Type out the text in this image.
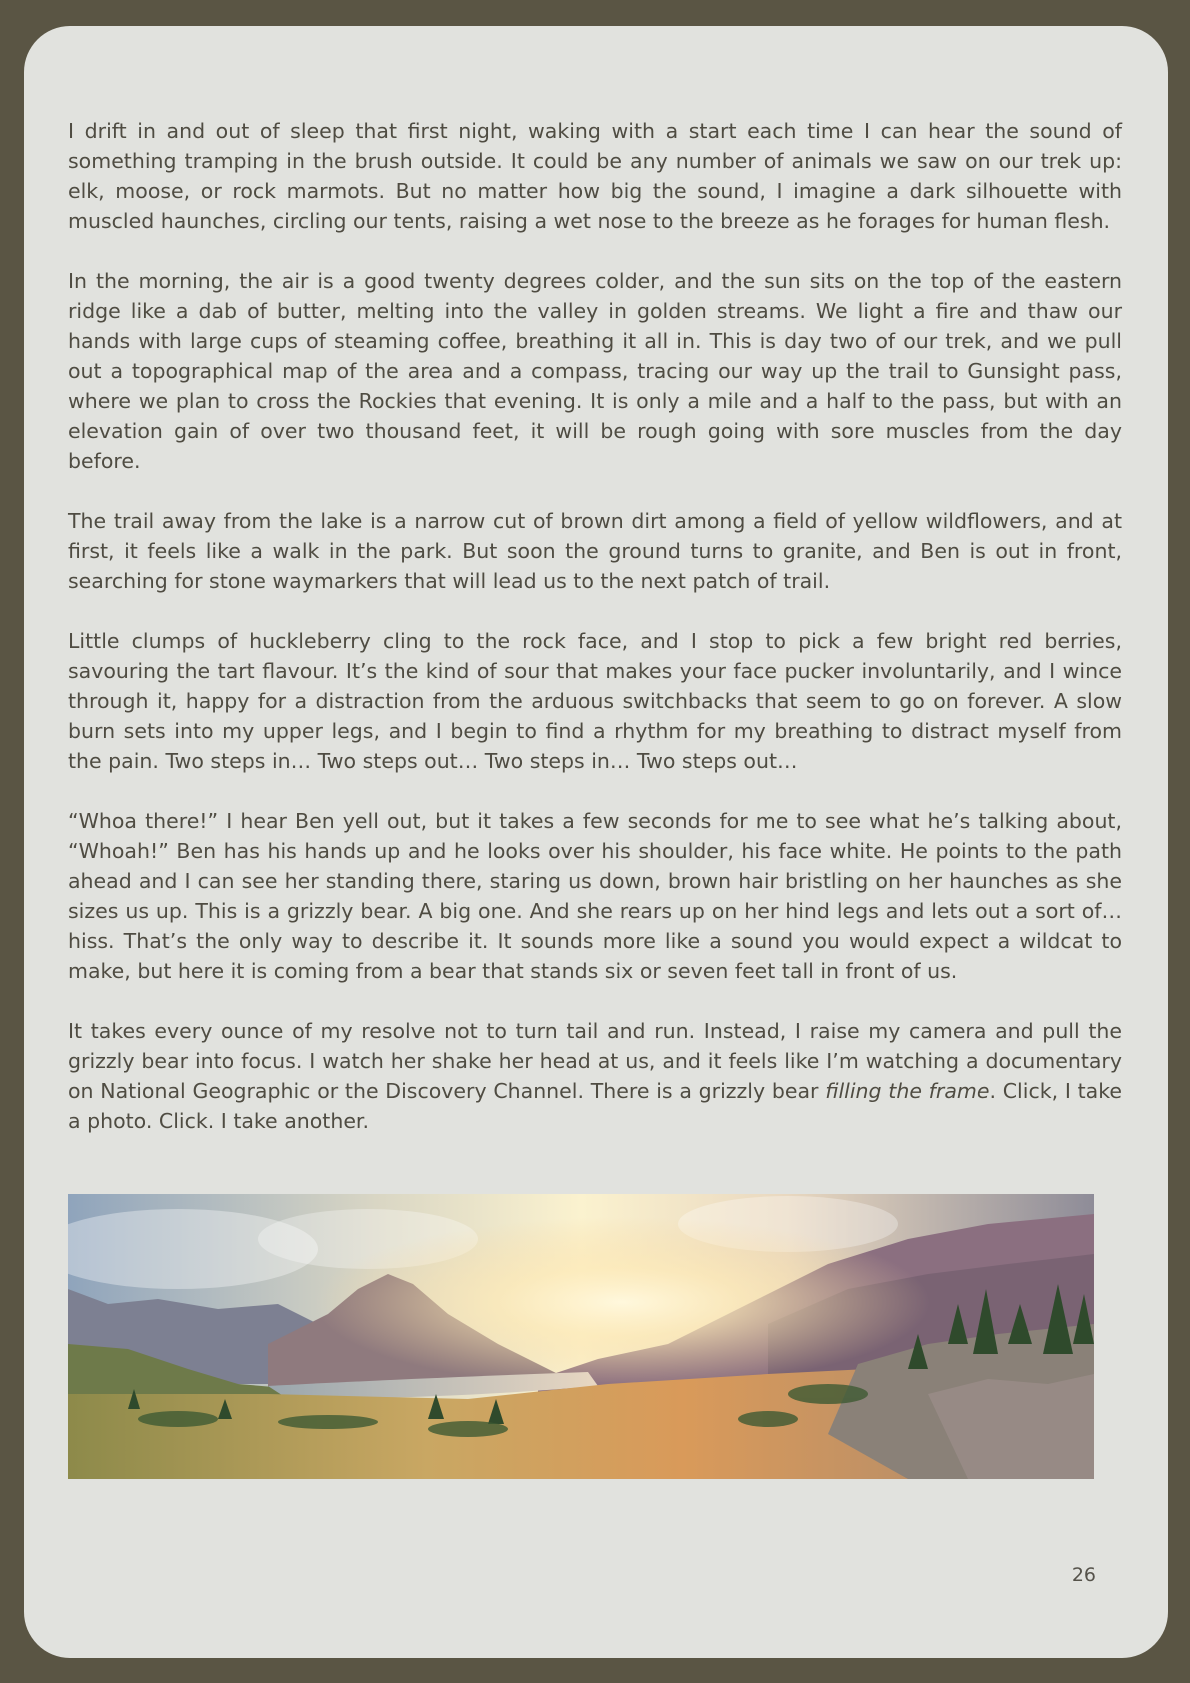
I drift in and out of sleep that first night, waking with a start each time I can hear the sound of something tramping in the brush outside. It could be any number of animals we saw on our trek up: elk, moose, or rock marmots. But no matter how big the sound, I imagine a dark silhouette with muscled haunches, circling our tents, raising a wet nose to the breeze as he forages for human flesh.

In the morning, the air is a good twenty degrees colder, and the sun sits on the top of the eastern ridge like a dab of butter, melting into the valley in golden streams. We light a fire and thaw our hands with large cups of steaming coffee, breathing it all in. This is day two of our trek, and we pull out a topographical map of the area and a compass, tracing our way up the trail to Gunsight pass, where we plan to cross the Rockies that evening. It is only a mile and a half to the pass, but with an elevation gain of over two thousand feet, it will be rough going with sore muscles from the day before.

The trail away from the lake is a narrow cut of brown dirt among a field of yellow wildflowers, and at first, it feels like a walk in the park. But soon the ground turns to granite, and Ben is out in front, searching for stone waymarkers that will lead us to the next patch of trail.

Little clumps of huckleberry cling to the rock face, and I stop to pick a few bright red berries, savouring the tart flavour. It’s the kind of sour that makes your face pucker involuntarily, and I wince through it, happy for a distraction from the arduous switchbacks that seem to go on forever. A slow burn sets into my upper legs, and I begin to find a rhythm for my breathing to distract myself from the pain. Two steps in… Two steps out… Two steps in… Two steps out…

“Whoa there!” I hear Ben yell out, but it takes a few seconds for me to see what he’s talking about, “Whoah!” Ben has his hands up and he looks over his shoulder, his face white. He points to the path ahead and I can see her standing there, staring us down, brown hair bristling on her haunches as she sizes us up. This is a grizzly bear. A big one. And she rears up on her hind legs and lets out a sort of… hiss. That’s the only way to describe it. It sounds more like a sound you would expect a wildcat to make, but here it is coming from a bear that stands six or seven feet tall in front of us.

It takes every ounce of my resolve not to turn tail and run. Instead, I raise my camera and pull the grizzly bear into focus. I watch her shake her head at us, and it feels like I’m watching a documentary on National Geographic or the Discovery Channel. There is a grizzly bear filling the frame. Click, I take a photo. Click. I take another.

26
